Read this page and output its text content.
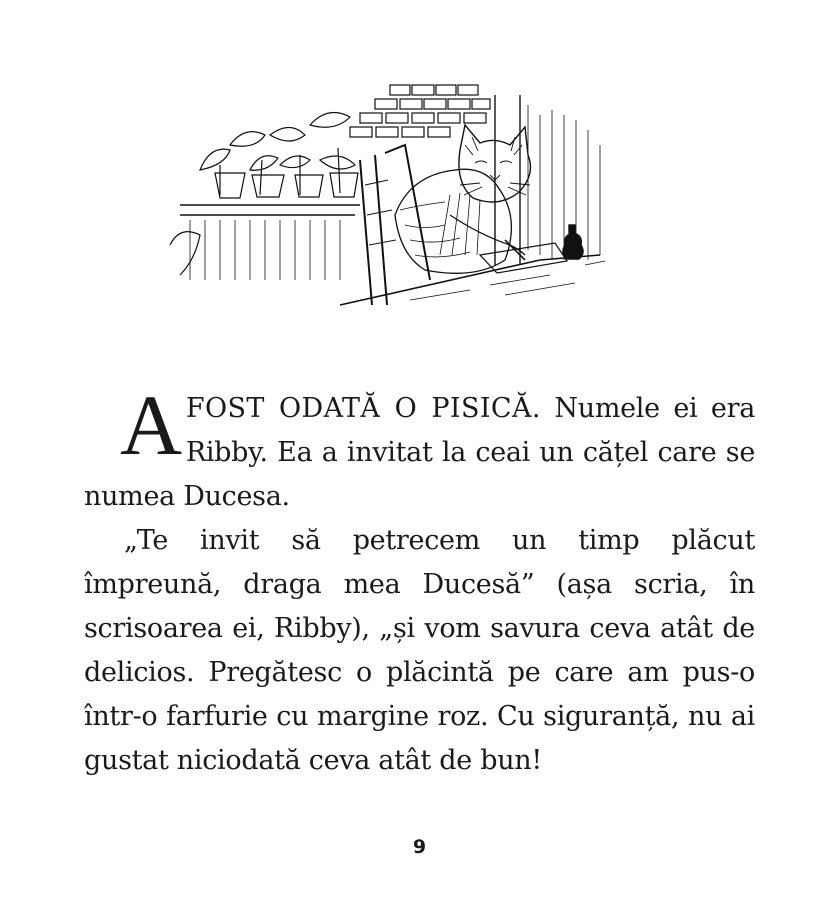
AFOST ODATĂ O PISICĂ. Numele ei era Ribby. Ea a invitat la ceai un cățel care se numea Ducesa.

„Te invit să petrecem un timp plăcut împreună, draga mea Ducesă” (așa scria, în scrisoarea ei, Ribby), „și vom savura ceva atât de delicios. Pregătesc o plăcintă pe care am pus-o într-o farfurie cu margine roz. Cu siguranță, nu ai gustat niciodată ceva atât de bun!

9
